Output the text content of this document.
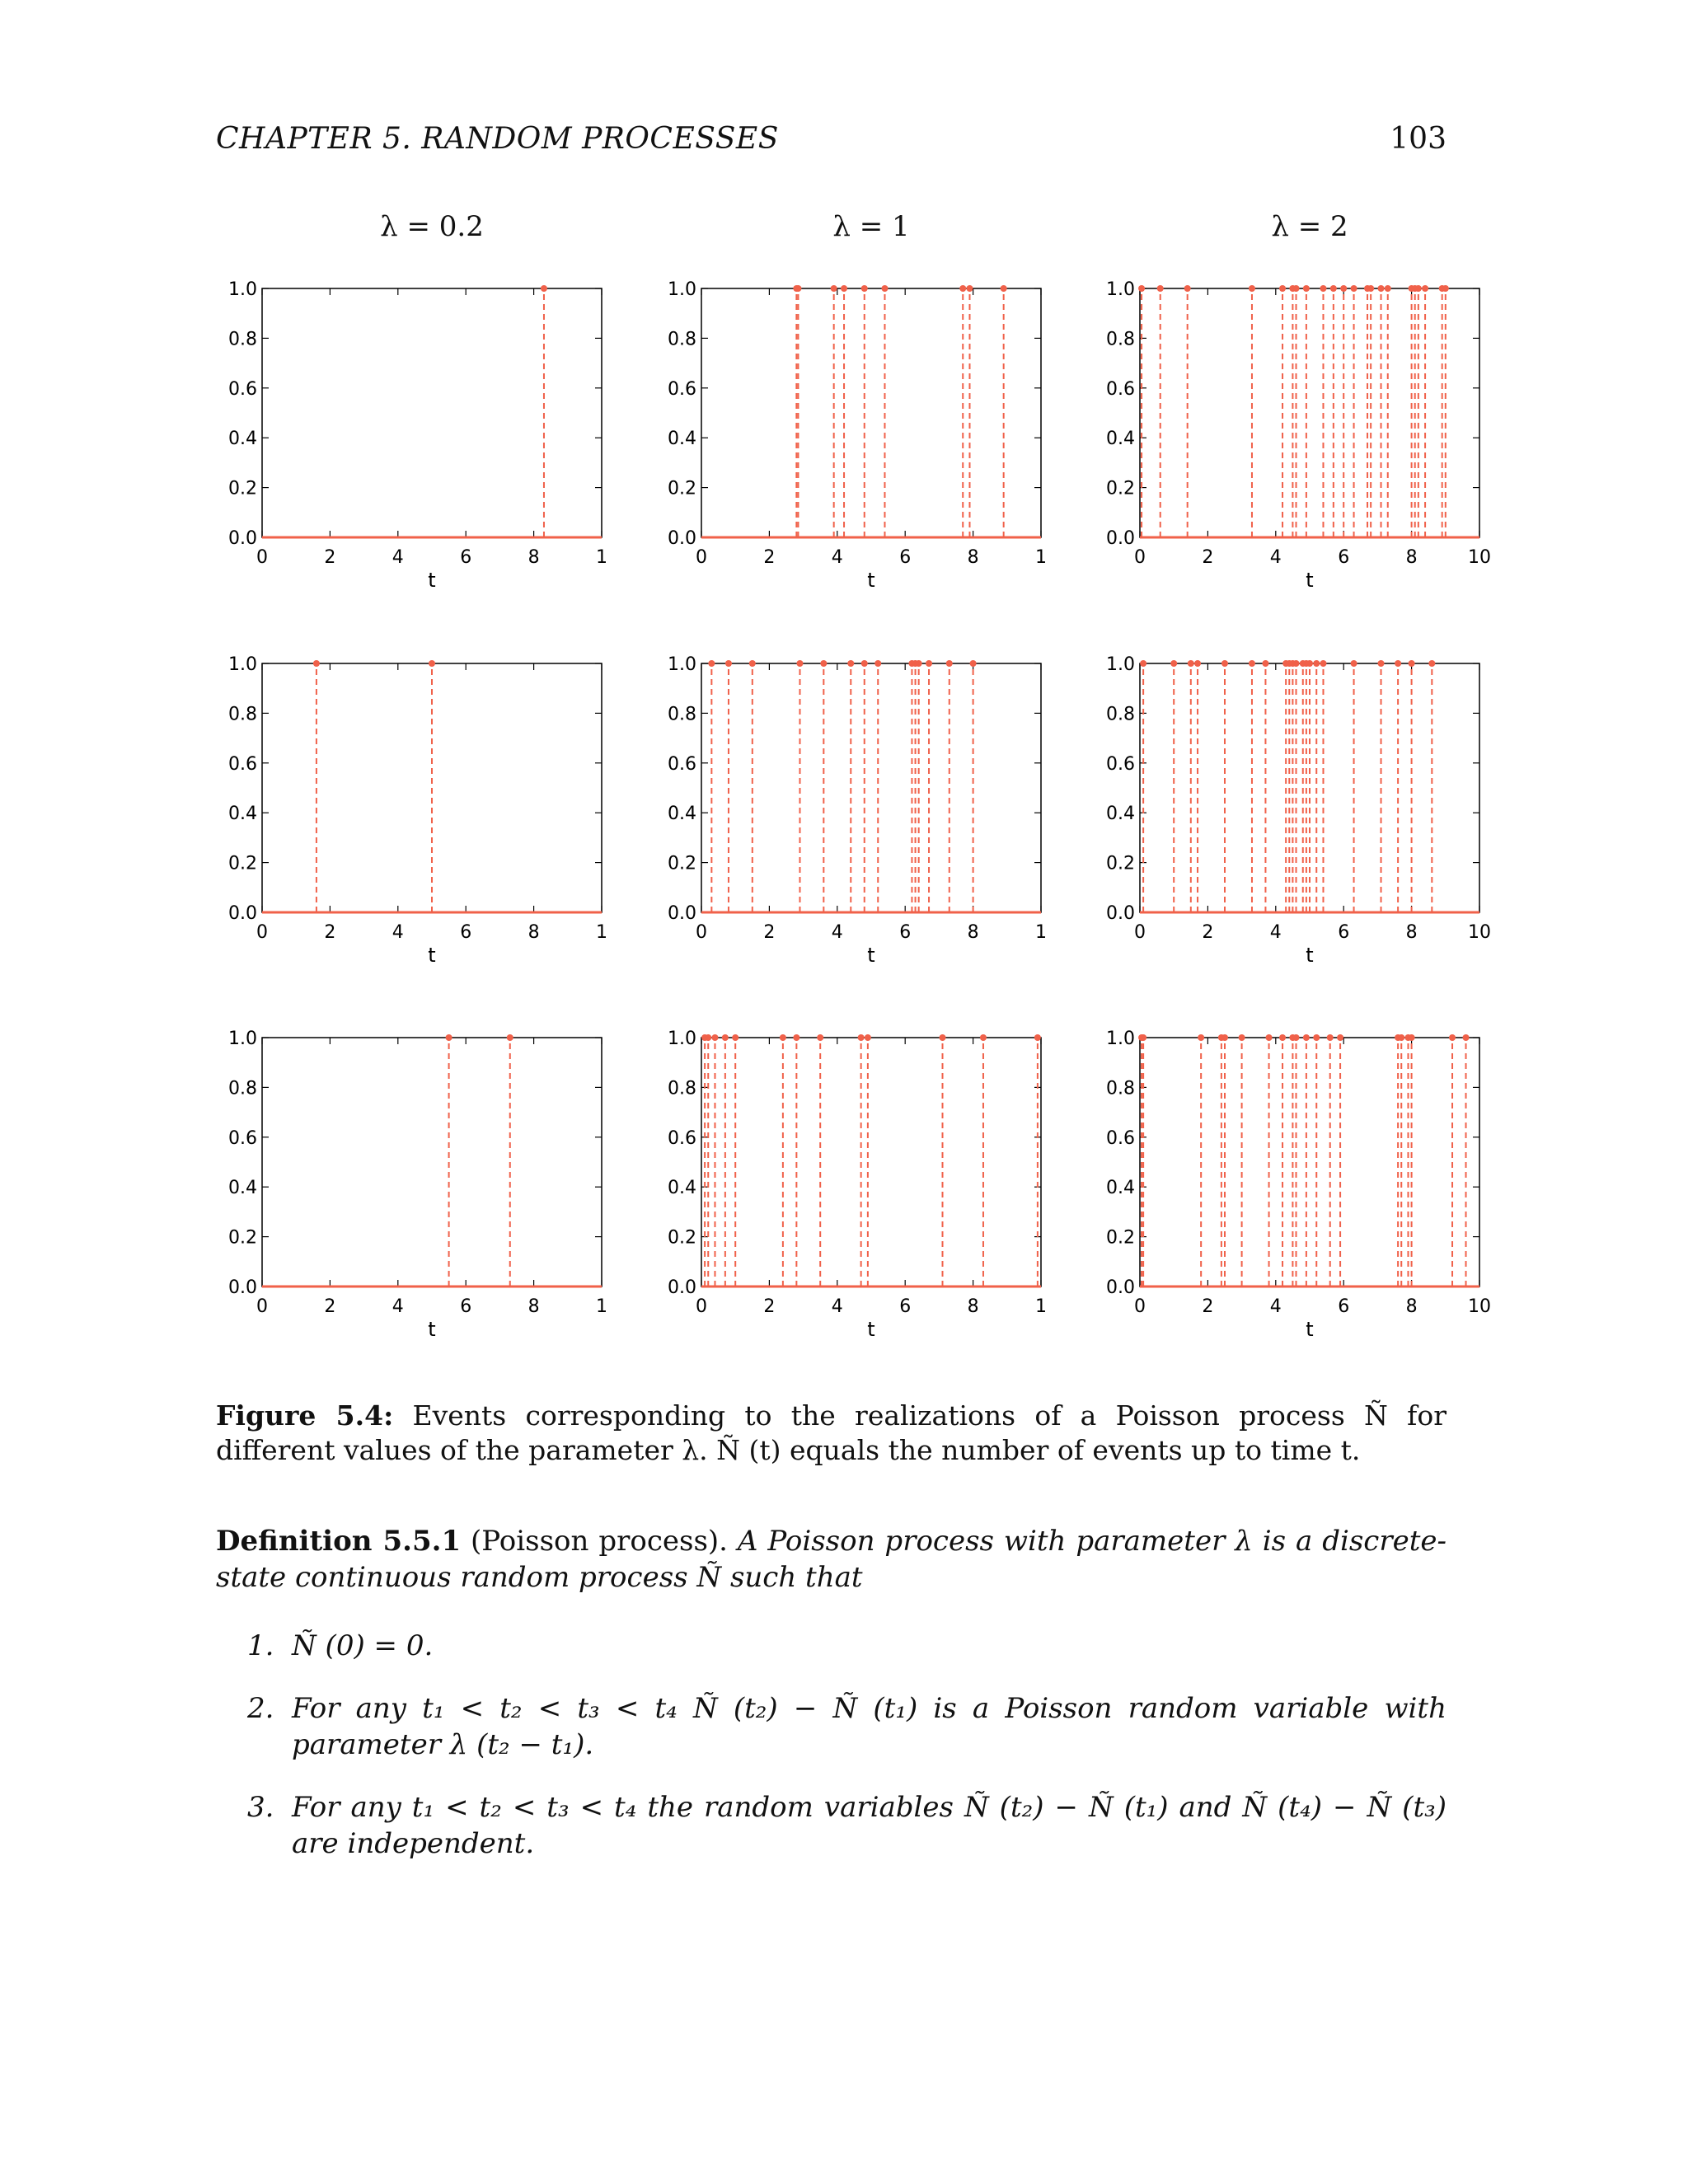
CHAPTER 5. RANDOM PROCESSES	103
0.0
0.2
0.4
0.6
0.8
1.0
0	2	4	6	8	1
t
λ = 0.2
0.0
0.2
0.4
0.6
0.8
1.0
0	2	4	6	8	1
t
λ = 1
0.0
0.2
0.4
0.6
0.8
1.0
0	2	4	6	8	10
t
λ = 2
0.0
0.2
0.4
0.6
0.8
1.0
0	2	4	6	8	1
t
0.0
0.2
0.4
0.6
0.8
1.0
0	2	4	6	8	1
t
0.0
0.2
0.4
0.6
0.8
1.0
0	2	4	6	8	10
t
0.0
0.2
0.4
0.6
0.8
1.0
0	2	4	6	8	1
t
0.0
0.2
0.4
0.6
0.8
1.0
0	2	4	6	8	1
t
0.0
0.2
0.4
0.6
0.8
1.0
0	2	4	6	8	10
t
Figure 5.4: Events corresponding to the realizations of a Poisson process Ñ for different values of the parameter λ. Ñ (t) equals the number of events up to time t.
Definition 5.5.1 (Poisson process). A Poisson process with parameter λ is a discrete-state continuous random process Ñ such that
1. Ñ (0) = 0.
2. For any t₁ < t₂ < t₃ < t₄ Ñ (t₂) − Ñ (t₁) is a Poisson random variable with parameter λ (t₂ − t₁).
3. For any t₁ < t₂ < t₃ < t₄ the random variables Ñ (t₂) − Ñ (t₁) and Ñ (t₄) − Ñ (t₃) are independent.
